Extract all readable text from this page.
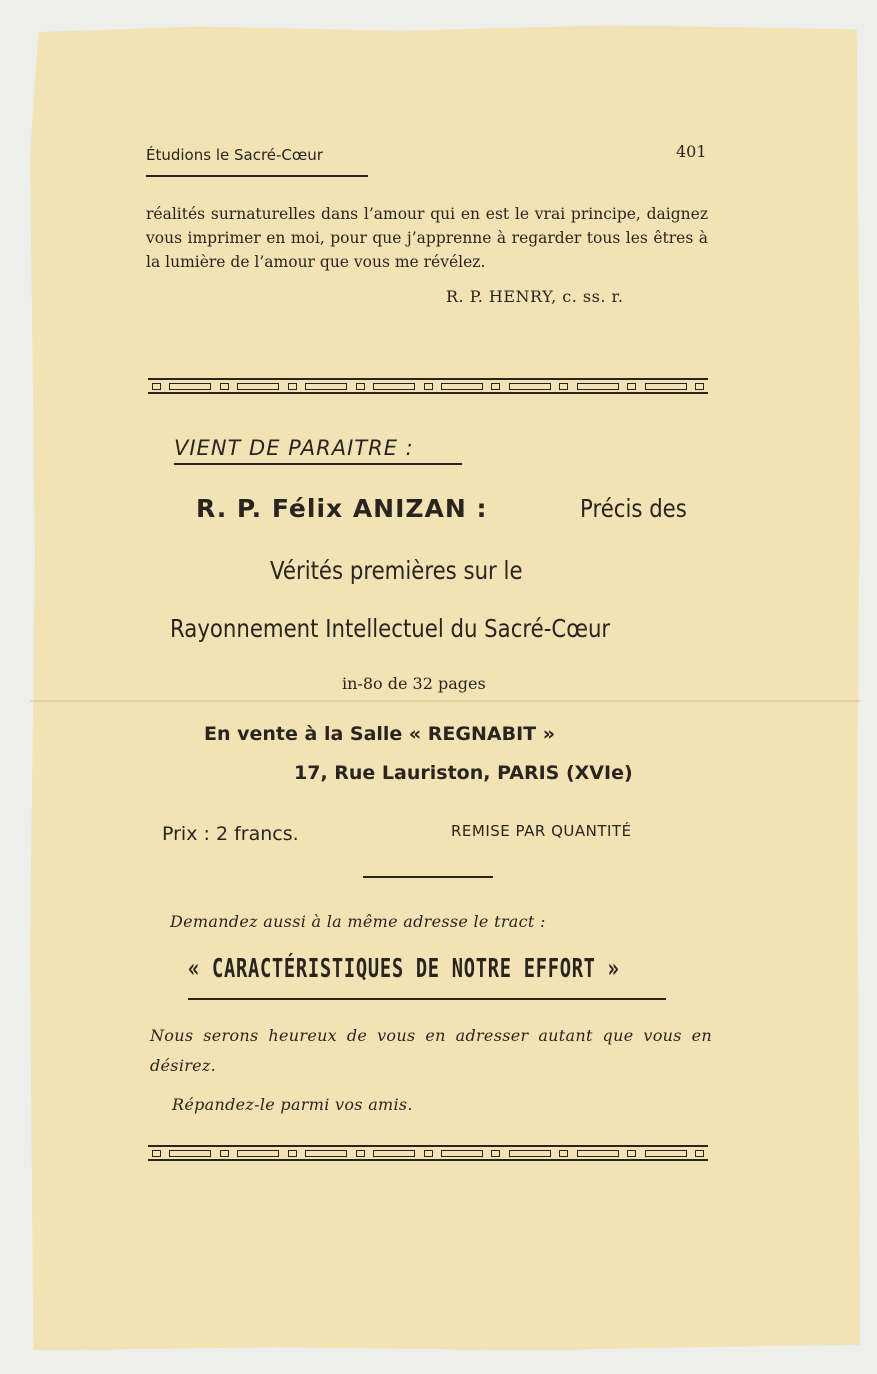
Étudions le Sacré-Cœur	401
réalités surnaturelles dans l’amour qui en est le vrai principe, daignez vous imprimer en moi, pour que j’apprenne à regarder tous les êtres à la lumière de l’amour que vous me révélez.
R. P. HENRY, c. ss. r.
VIENT DE PARAITRE :
R. P. Félix ANIZAN :	Précis des
Vérités premières sur le
Rayonnement Intellectuel du Sacré-Cœur
in-8o de 32 pages
En vente à la Salle « REGNABIT »
17, Rue Lauriston, PARIS (XVIe)
Prix : 2 francs.	REMISE PAR QUANTITÉ
Demandez aussi à la même adresse le tract :
« CARACTÉRISTIQUES DE NOTRE EFFORT »
Nous serons heureux de vous en adresser autant que vous en désirez.
Répandez-le parmi vos amis.
